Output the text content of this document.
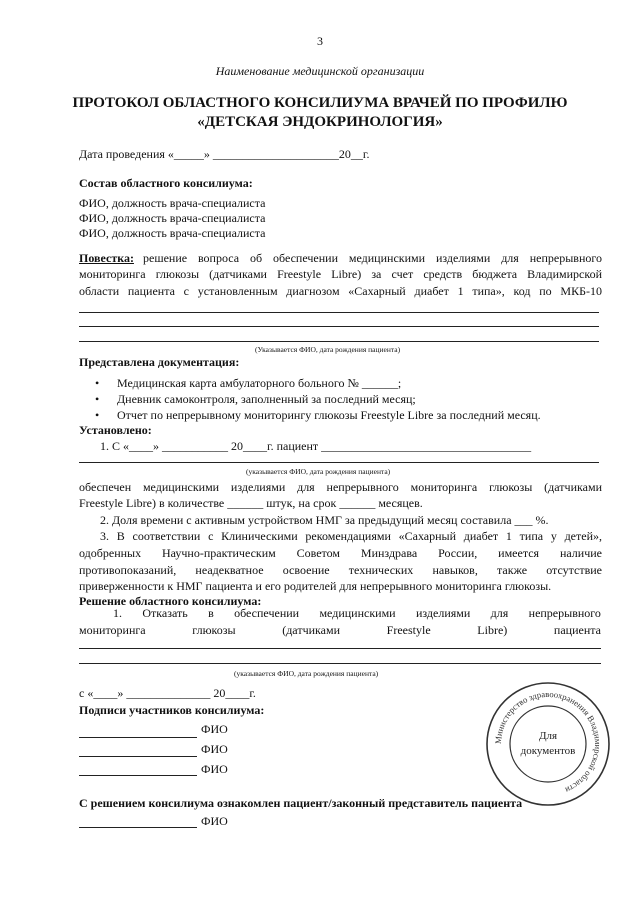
3
Наименование медицинской организации
ПРОТОКОЛ ОБЛАСТНОГО КОНСИЛИУМА ВРАЧЕЙ ПО ПРОФИЛЮ
«ДЕТСКАЯ ЭНДОКРИНОЛОГИЯ»
Дата проведения «_____» _____________________20__г.
Состав областного консилиума:
ФИО, должность врача-специалиста
ФИО, должность врача-специалиста
ФИО, должность врача-специалиста
Повестка: решение вопроса об обеспечении медицинскими изделиями для непрерывного
мониторинга глюкозы (датчиками Freestyle Libre) за счет средств бюджета Владимирской
области пациента с установленным диагнозом «Сахарный диабет 1 типа», код по МКБ-10
(Указывается ФИО, дата рождения пациента)
Представлена документация:
• Медицинская карта амбулаторного больного № ______;
• Дневник самоконтроля, заполненный за последний месяц;
• Отчет по непрерывному мониторингу глюкозы Freestyle Libre за последний месяц.
Установлено:
1. С «____» ___________ 20____г. пациент ___________________________________
(указывается ФИО, дата рождения пациента)
обеспечен медицинскими изделиями для непрерывного мониторинга глюкозы (датчиками
Freestyle Libre) в количестве ______ штук, на срок ______ месяцев.
2. Доля времени с активным устройством НМГ за предыдущий месяц составила ___ %.
3. В соответствии с Клиническими рекомендациями «Сахарный диабет 1 типа у детей»,
одобренных Научно-практическим Советом Минздрава России, имеется наличие
противопоказаний, неадекватное освоение технических навыков, также отсутствие
приверженности к НМГ пациента и его родителей для непрерывного мониторинга глюкозы.
Решение областного консилиума:
1. Отказать в обеспечении медицинскими изделиями для непрерывного
мониторинга	глюкозы	(датчиками	Freestyle	Libre)	пациента
(указывается ФИО, дата рождения пациента)
с «____» ______________ 20____г.
Подписи участников консилиума:
ФИО
ФИО
ФИО
С решением консилиума ознакомлен пациент/законный представитель пациента
ФИО
Министерство здравоохранения Владимирской области
Для
документов
